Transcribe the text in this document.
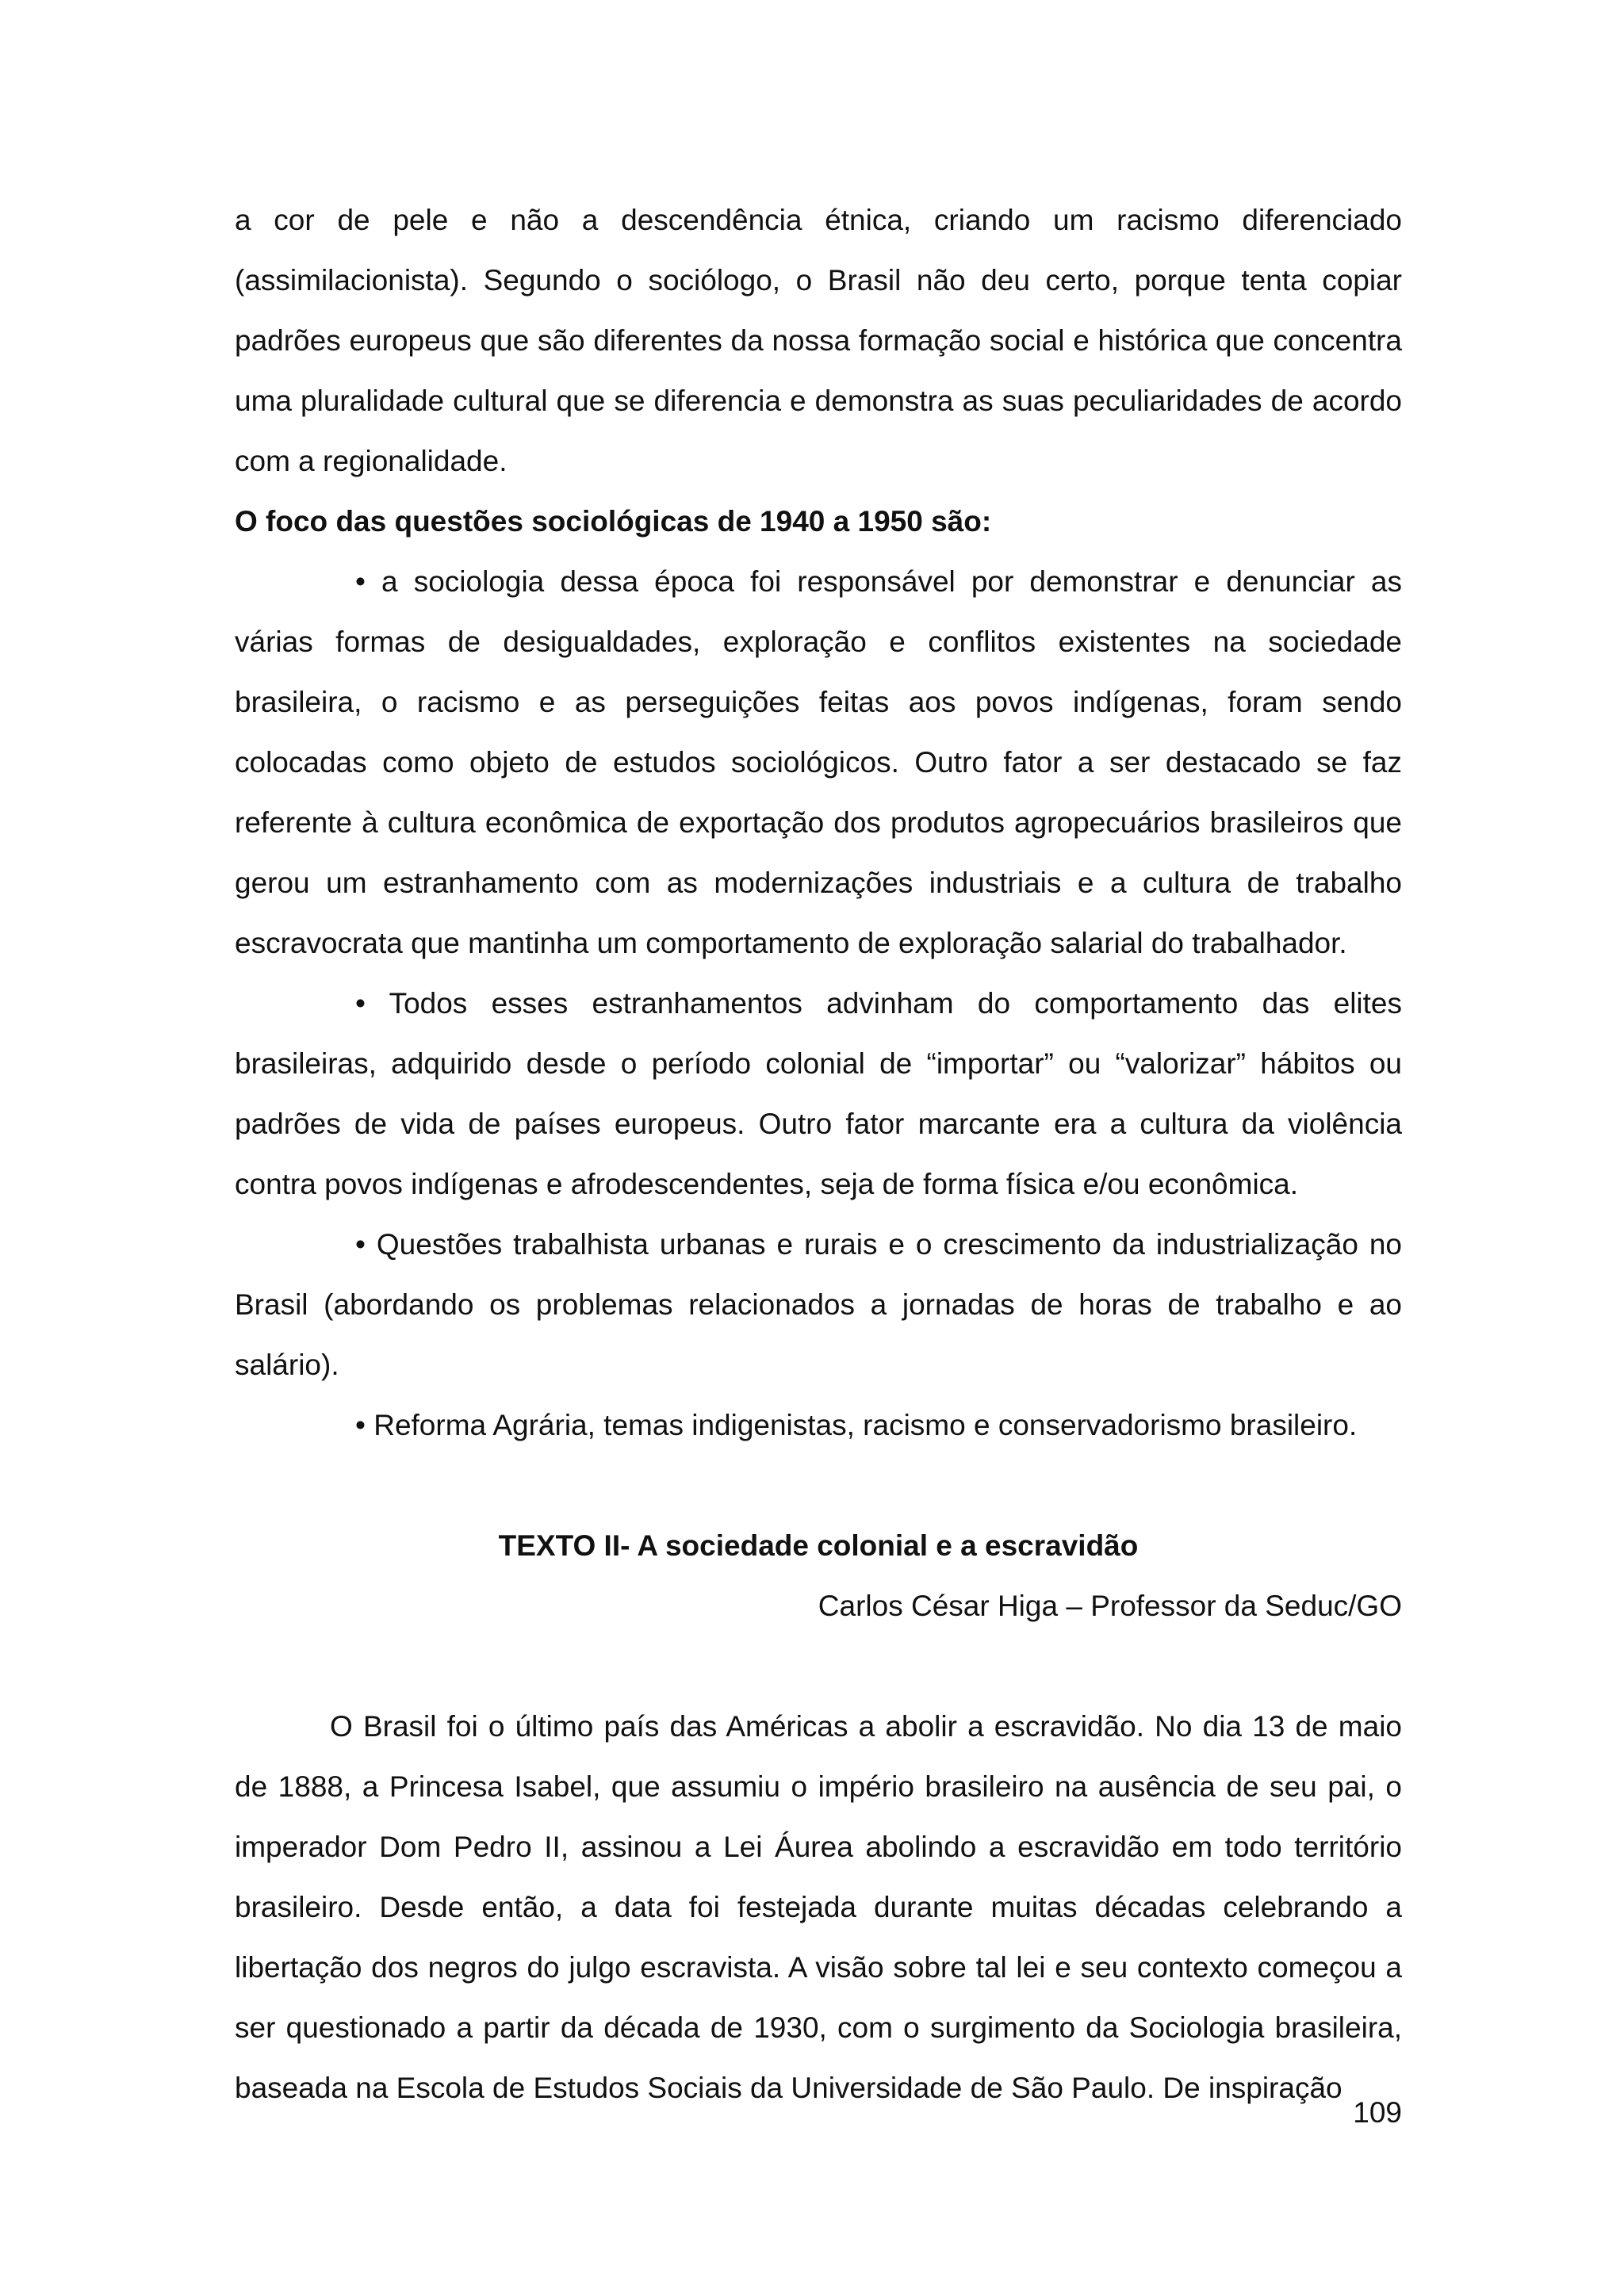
a cor de pele e não a descendência étnica, criando um racismo diferenciado (assimilacionista). Segundo o sociólogo, o Brasil não deu certo, porque tenta copiar padrões europeus que são diferentes da nossa formação social e histórica que concentra uma pluralidade cultural que se diferencia e demonstra as suas peculiaridades de acordo com a regionalidade.

O foco das questões sociológicas de 1940 a 1950 são:

• a sociologia dessa época foi responsável por demonstrar e denunciar as várias formas de desigualdades, exploração e conflitos existentes na sociedade brasileira, o racismo e as perseguições feitas aos povos indígenas, foram sendo colocadas como objeto de estudos sociológicos. Outro fator a ser destacado se faz referente à cultura econômica de exportação dos produtos agropecuários brasileiros que gerou um estranhamento com as modernizações industriais e a cultura de trabalho escravocrata que mantinha um comportamento de exploração salarial do trabalhador.

• Todos esses estranhamentos advinham do comportamento das elites brasileiras, adquirido desde o período colonial de “importar” ou “valorizar” hábitos ou padrões de vida de países europeus. Outro fator marcante era a cultura da violência contra povos indígenas e afrodescendentes, seja de forma física e/ou econômica.

• Questões trabalhista urbanas e rurais e o crescimento da industrialização no Brasil (abordando os problemas relacionados a jornadas de horas de trabalho e ao salário).

• Reforma Agrária, temas indigenistas, racismo e conservadorismo brasileiro.

TEXTO II- A sociedade colonial e a escravidão

Carlos César Higa – Professor da Seduc/GO

O Brasil foi o último país das Américas a abolir a escravidão. No dia 13 de maio de 1888, a Princesa Isabel, que assumiu o império brasileiro na ausência de seu pai, o imperador Dom Pedro II, assinou a Lei Áurea abolindo a escravidão em todo território brasileiro. Desde então, a data foi festejada durante muitas décadas celebrando a libertação dos negros do julgo escravista. A visão sobre tal lei e seu contexto começou a ser questionado a partir da década de 1930, com o surgimento da Sociologia brasileira, baseada na Escola de Estudos Sociais da Universidade de São Paulo. De inspiração

109
